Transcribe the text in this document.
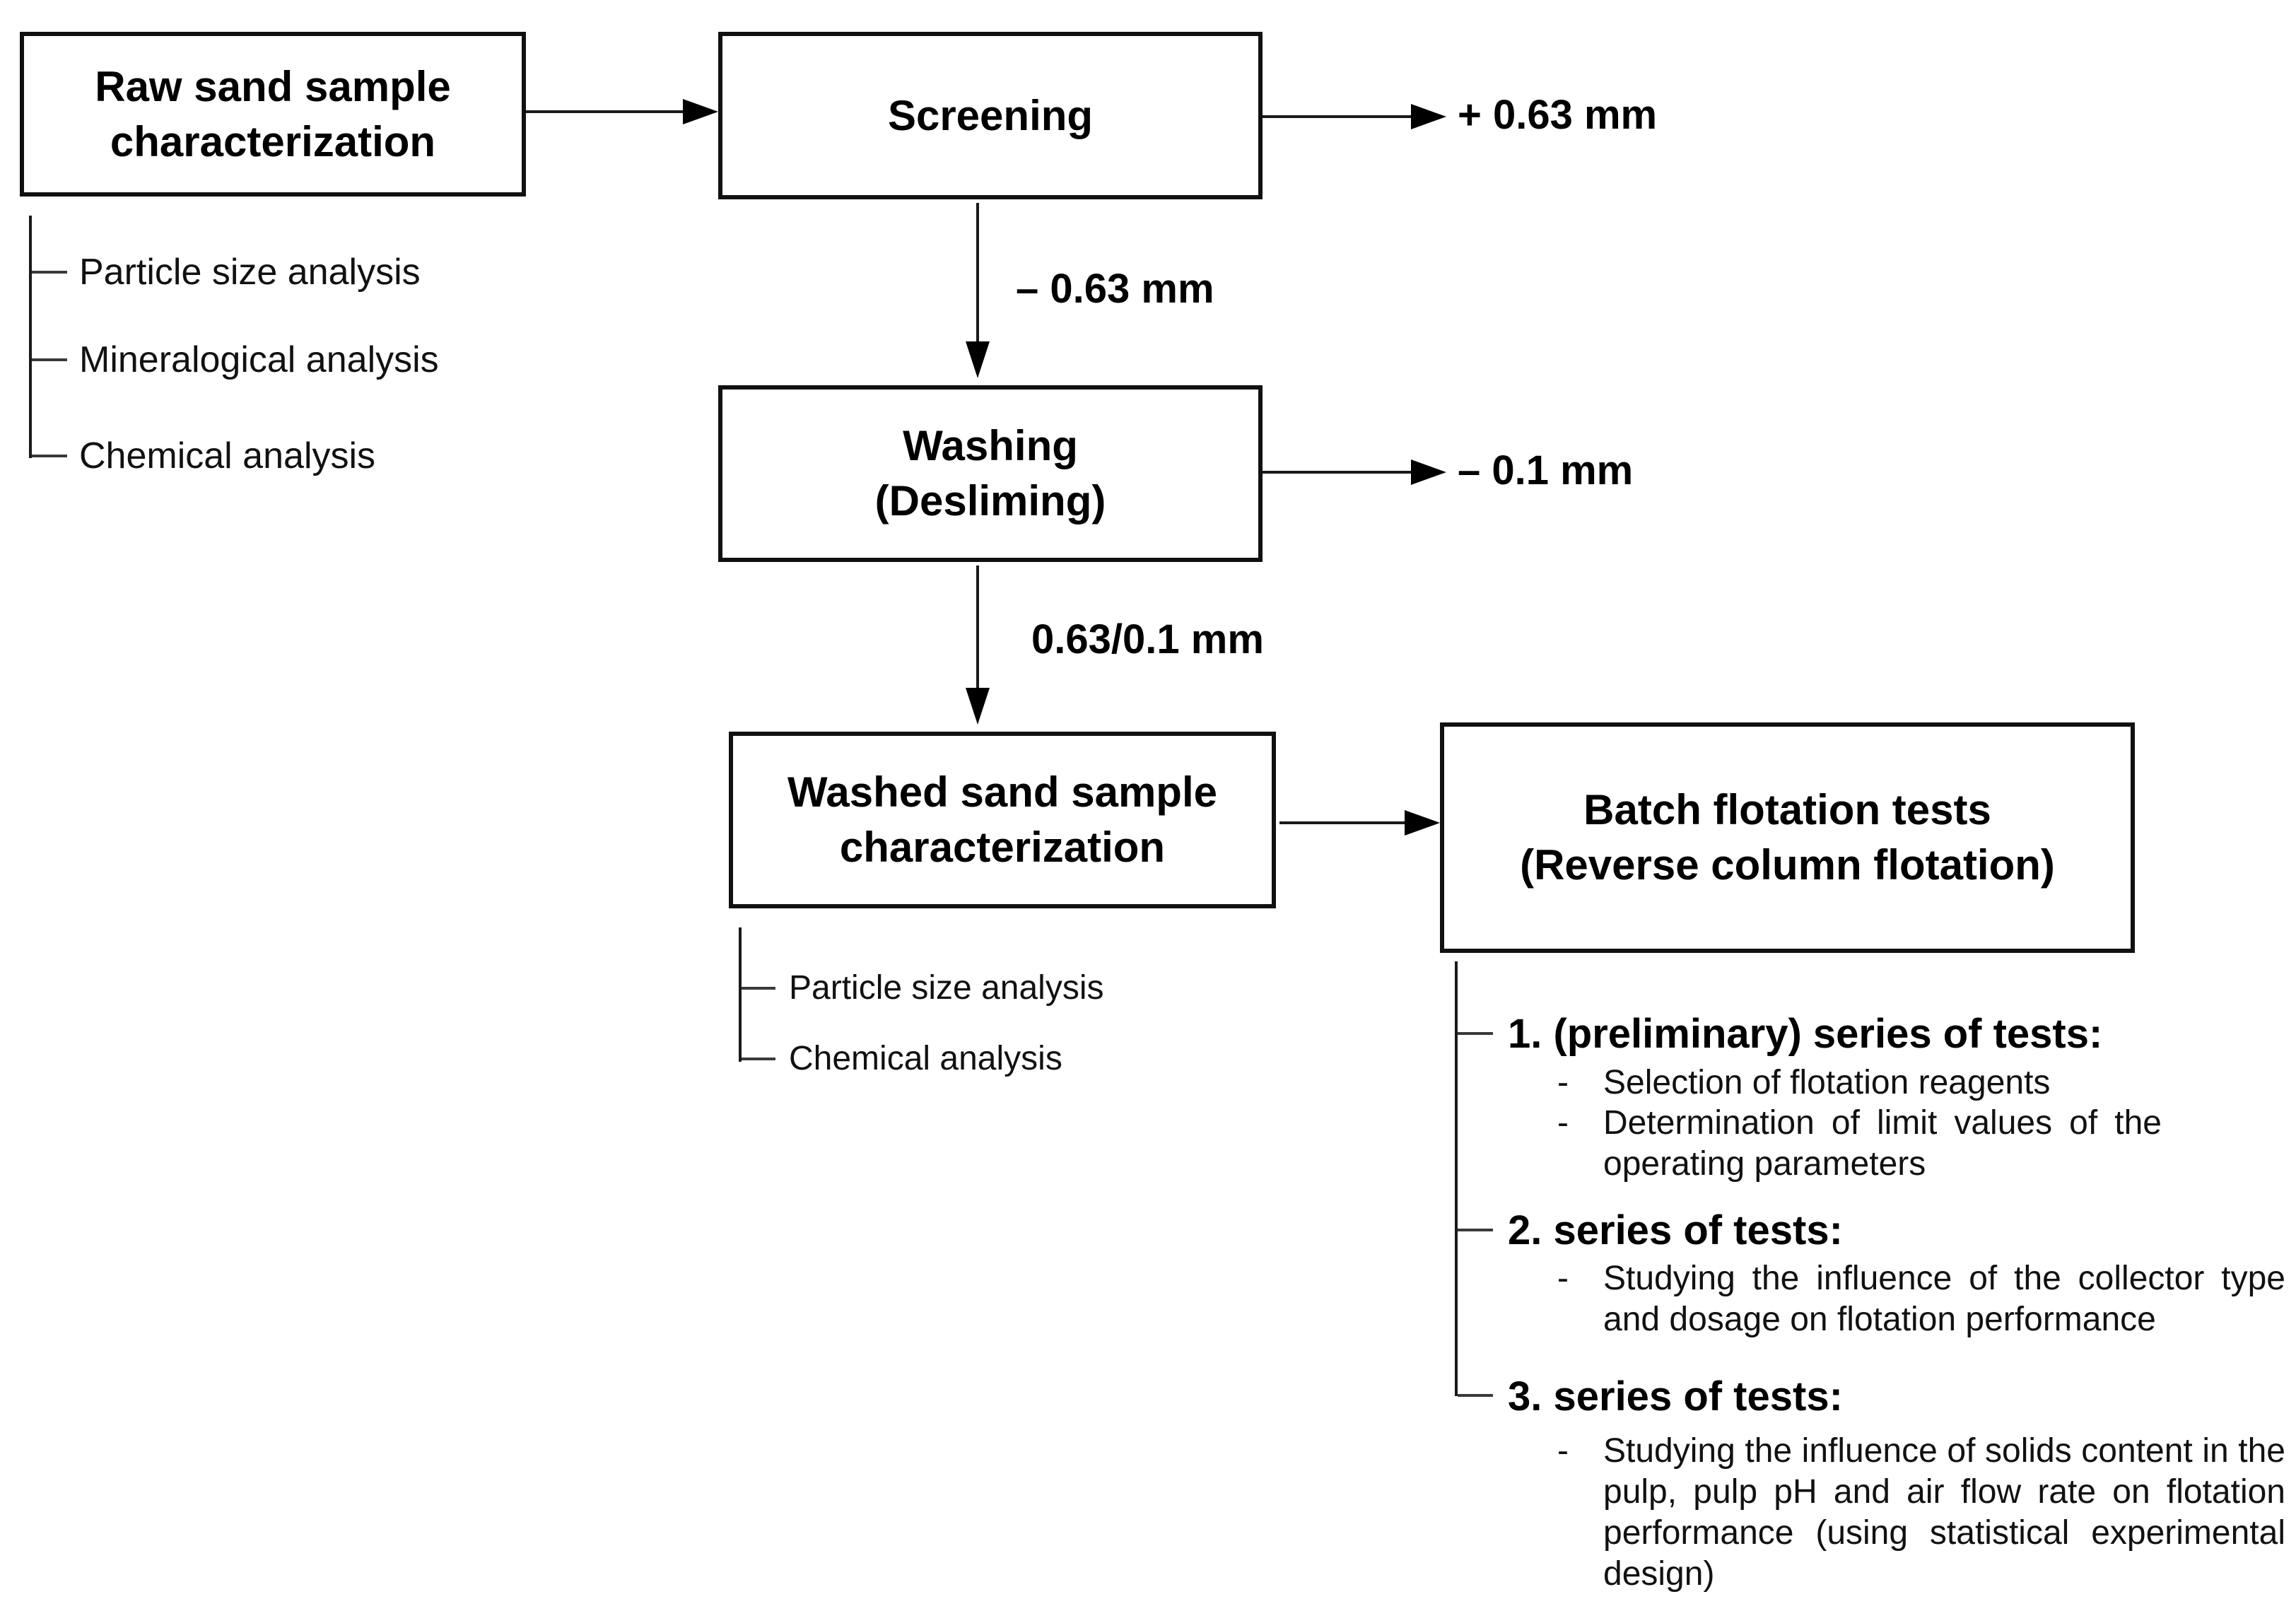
Raw sand sample
characterization
Screening
Washing
(Desliming)
Washed sand sample
characterization
Batch flotation tests
(Reverse column flotation)
+ 0.63 mm
– 0.63 mm
– 0.1 mm
0.63/0.1 mm
Particle size analysis
Mineralogical analysis
Chemical analysis
Particle size analysis
Chemical analysis
1. (preliminary) series of tests:
-	Selection of flotation reagents
-	Determination of limit values of the operating parameters
2. series of tests:
-	Studying the influence of the collector type and dosage on flotation performance
3. series of tests:
-	Studying the influence of solids content in the pulp, pulp pH and air flow rate on flotation performance (using statistical experimental design)
